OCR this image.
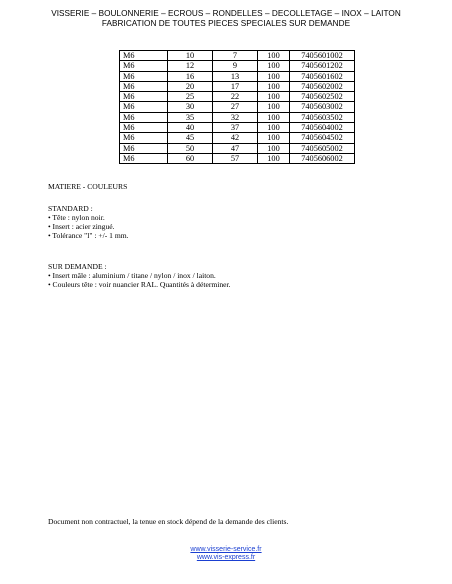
VISSERIE – BOULONNERIE – ECROUS – RONDELLES – DECOLLETAGE – INOX – LAITON
FABRICATION DE TOUTES PIECES SPECIALES SUR DEMANDE
M6	10	7	100	7405601002
M6	12	9	100	7405601202
M6	16	13	100	7405601602
M6	20	17	100	7405602002
M6	25	22	100	7405602502
M6	30	27	100	7405603002
M6	35	32	100	7405603502
M6	40	37	100	7405604002
M6	45	42	100	7405604502
M6	50	47	100	7405605002
M6	60	57	100	7405606002
MATIERE - COULEURS
STANDARD :
• Tête : nylon noir.
• Insert : acier zingué.
• Tolérance "l" : +/- 1 mm.
SUR DEMANDE :
• Insert mâle : aluminium / titane / nylon / inox / laiton.
• Couleurs tête : voir nuancier RAL. Quantités à déterminer.
Document non contractuel, la tenue en stock dépend de la demande des clients.
www.visserie-service.fr
www.vis-express.fr
